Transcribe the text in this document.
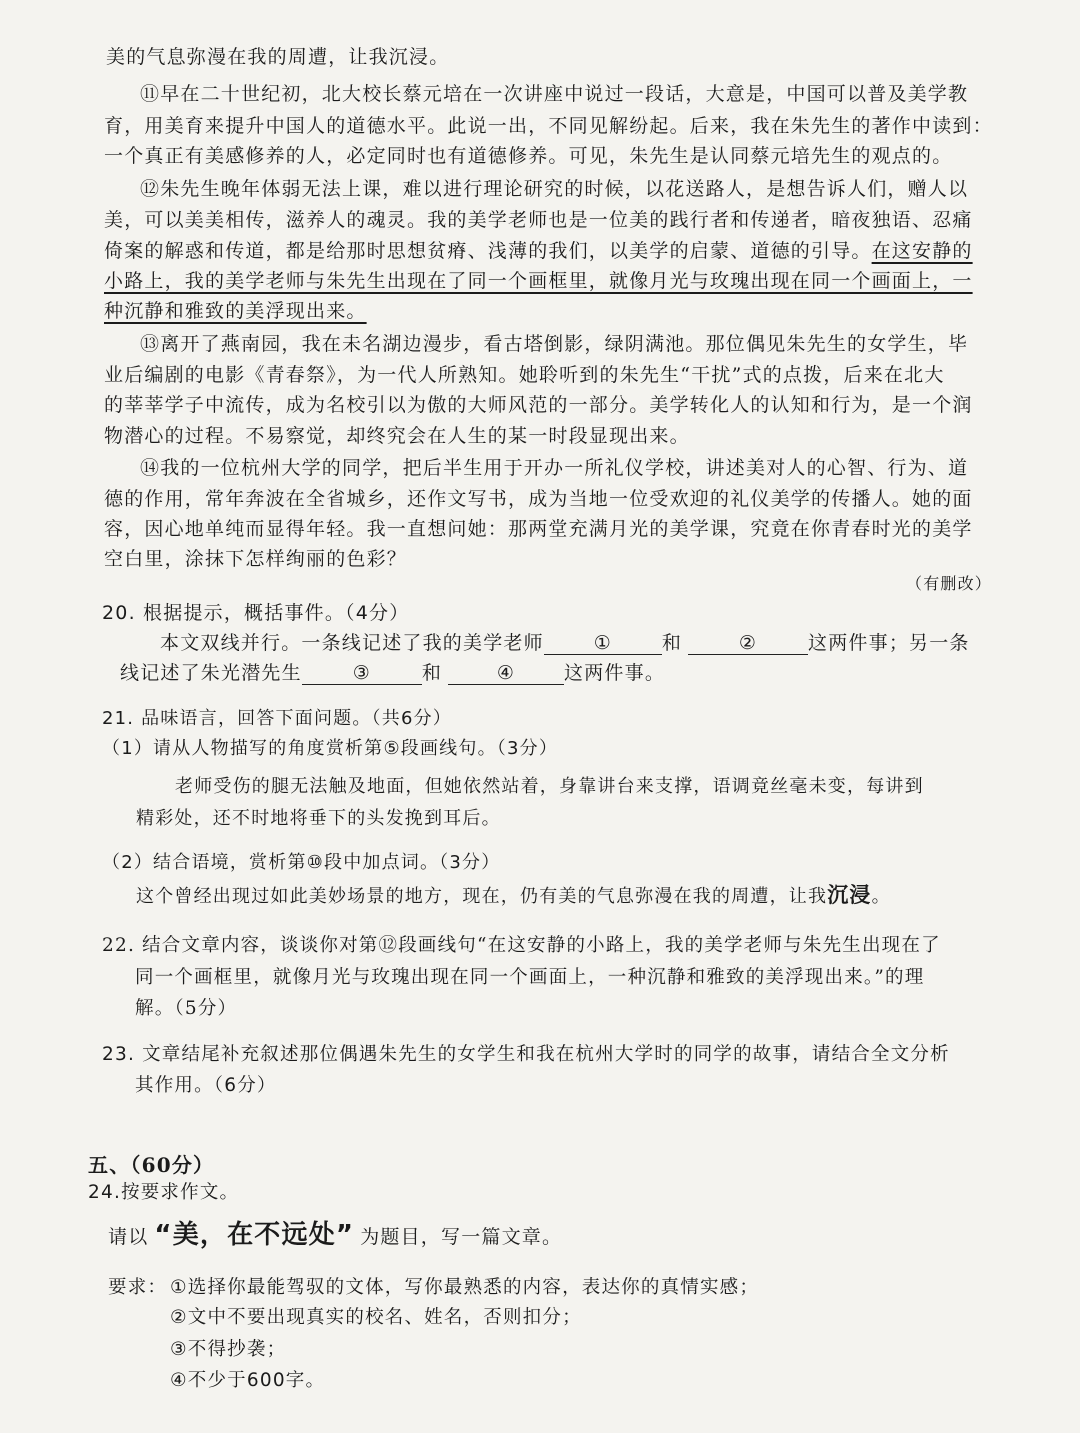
美的气息弥漫在我的周遭，让我沉浸。
⑪早在二十世纪初，北大校长蔡元培在一次讲座中说过一段话，大意是，中国可以普及美学教
育，用美育来提升中国人的道德水平。此说一出，不同见解纷起。后来，我在朱先生的著作中读到：
一个真正有美感修养的人，必定同时也有道德修养。可见，朱先生是认同蔡元培先生的观点的。
⑫朱先生晚年体弱无法上课，难以进行理论研究的时候，以花送路人，是想告诉人们，赠人以
美，可以美美相传，滋养人的魂灵。我的美学老师也是一位美的践行者和传递者，暗夜独语、忍痛
倚案的解惑和传道，都是给那时思想贫瘠、浅薄的我们，以美学的启蒙、道德的引导。在这安静的
小路上，我的美学老师与朱先生出现在了同一个画框里，就像月光与玫瑰出现在同一个画面上，一
种沉静和雅致的美浮现出来。
⑬离开了燕南园，我在未名湖边漫步，看古塔倒影，绿阴满池。那位偶见朱先生的女学生，毕
业后编剧的电影《青春祭》，为一代人所熟知。她聆听到的朱先生“干扰”式的点拨，后来在北大
的莘莘学子中流传，成为名校引以为傲的大师风范的一部分。美学转化人的认知和行为，是一个润
物潜心的过程。不易察觉，却终究会在人生的某一时段显现出来。
⑭我的一位杭州大学的同学，把后半生用于开办一所礼仪学校，讲述美对人的心智、行为、道
德的作用，常年奔波在全省城乡，还作文写书，成为当地一位受欢迎的礼仪美学的传播人。她的面
容，因心地单纯而显得年轻。我一直想问她：那两堂充满月光的美学课，究竟在你青春时光的美学
空白里，涂抹下怎样绚丽的色彩？
（有删改）
20. 根据提示，概括事件。（4分）
本文双线并行。一条线记述了我的美学老师	①	和	②	这两件事；另一条
线记述了朱光潜先生	③	和	④	这两件事。
21. 品味语言，回答下面问题。（共6分）
（1）请从人物描写的角度赏析第⑤段画线句。（3分）
老师受伤的腿无法触及地面，但她依然站着，身靠讲台来支撑，语调竟丝毫未变，每讲到
精彩处，还不时地将垂下的头发挽到耳后。
（2）结合语境，赏析第⑩段中加点词。（3分）
这个曾经出现过如此美妙场景的地方，现在，仍有美的气息弥漫在我的周遭，让我沉浸。
22. 结合文章内容，谈谈你对第⑫段画线句“在这安静的小路上，我的美学老师与朱先生出现在了
同一个画框里，就像月光与玫瑰出现在同一个画面上，一种沉静和雅致的美浮现出来。”的理
解。（5分）
23. 文章结尾补充叙述那位偶遇朱先生的女学生和我在杭州大学时的同学的故事，请结合全文分析
其作用。（6分）
五、（60分）
24.按要求作文。
请以 “美，在不远处” 为题目，写一篇文章。
要求： ①选择你最能驾驭的文体，写你最熟悉的内容，表达你的真情实感；
②文中不要出现真实的校名、姓名，否则扣分；
③不得抄袭；
④不少于600字。
